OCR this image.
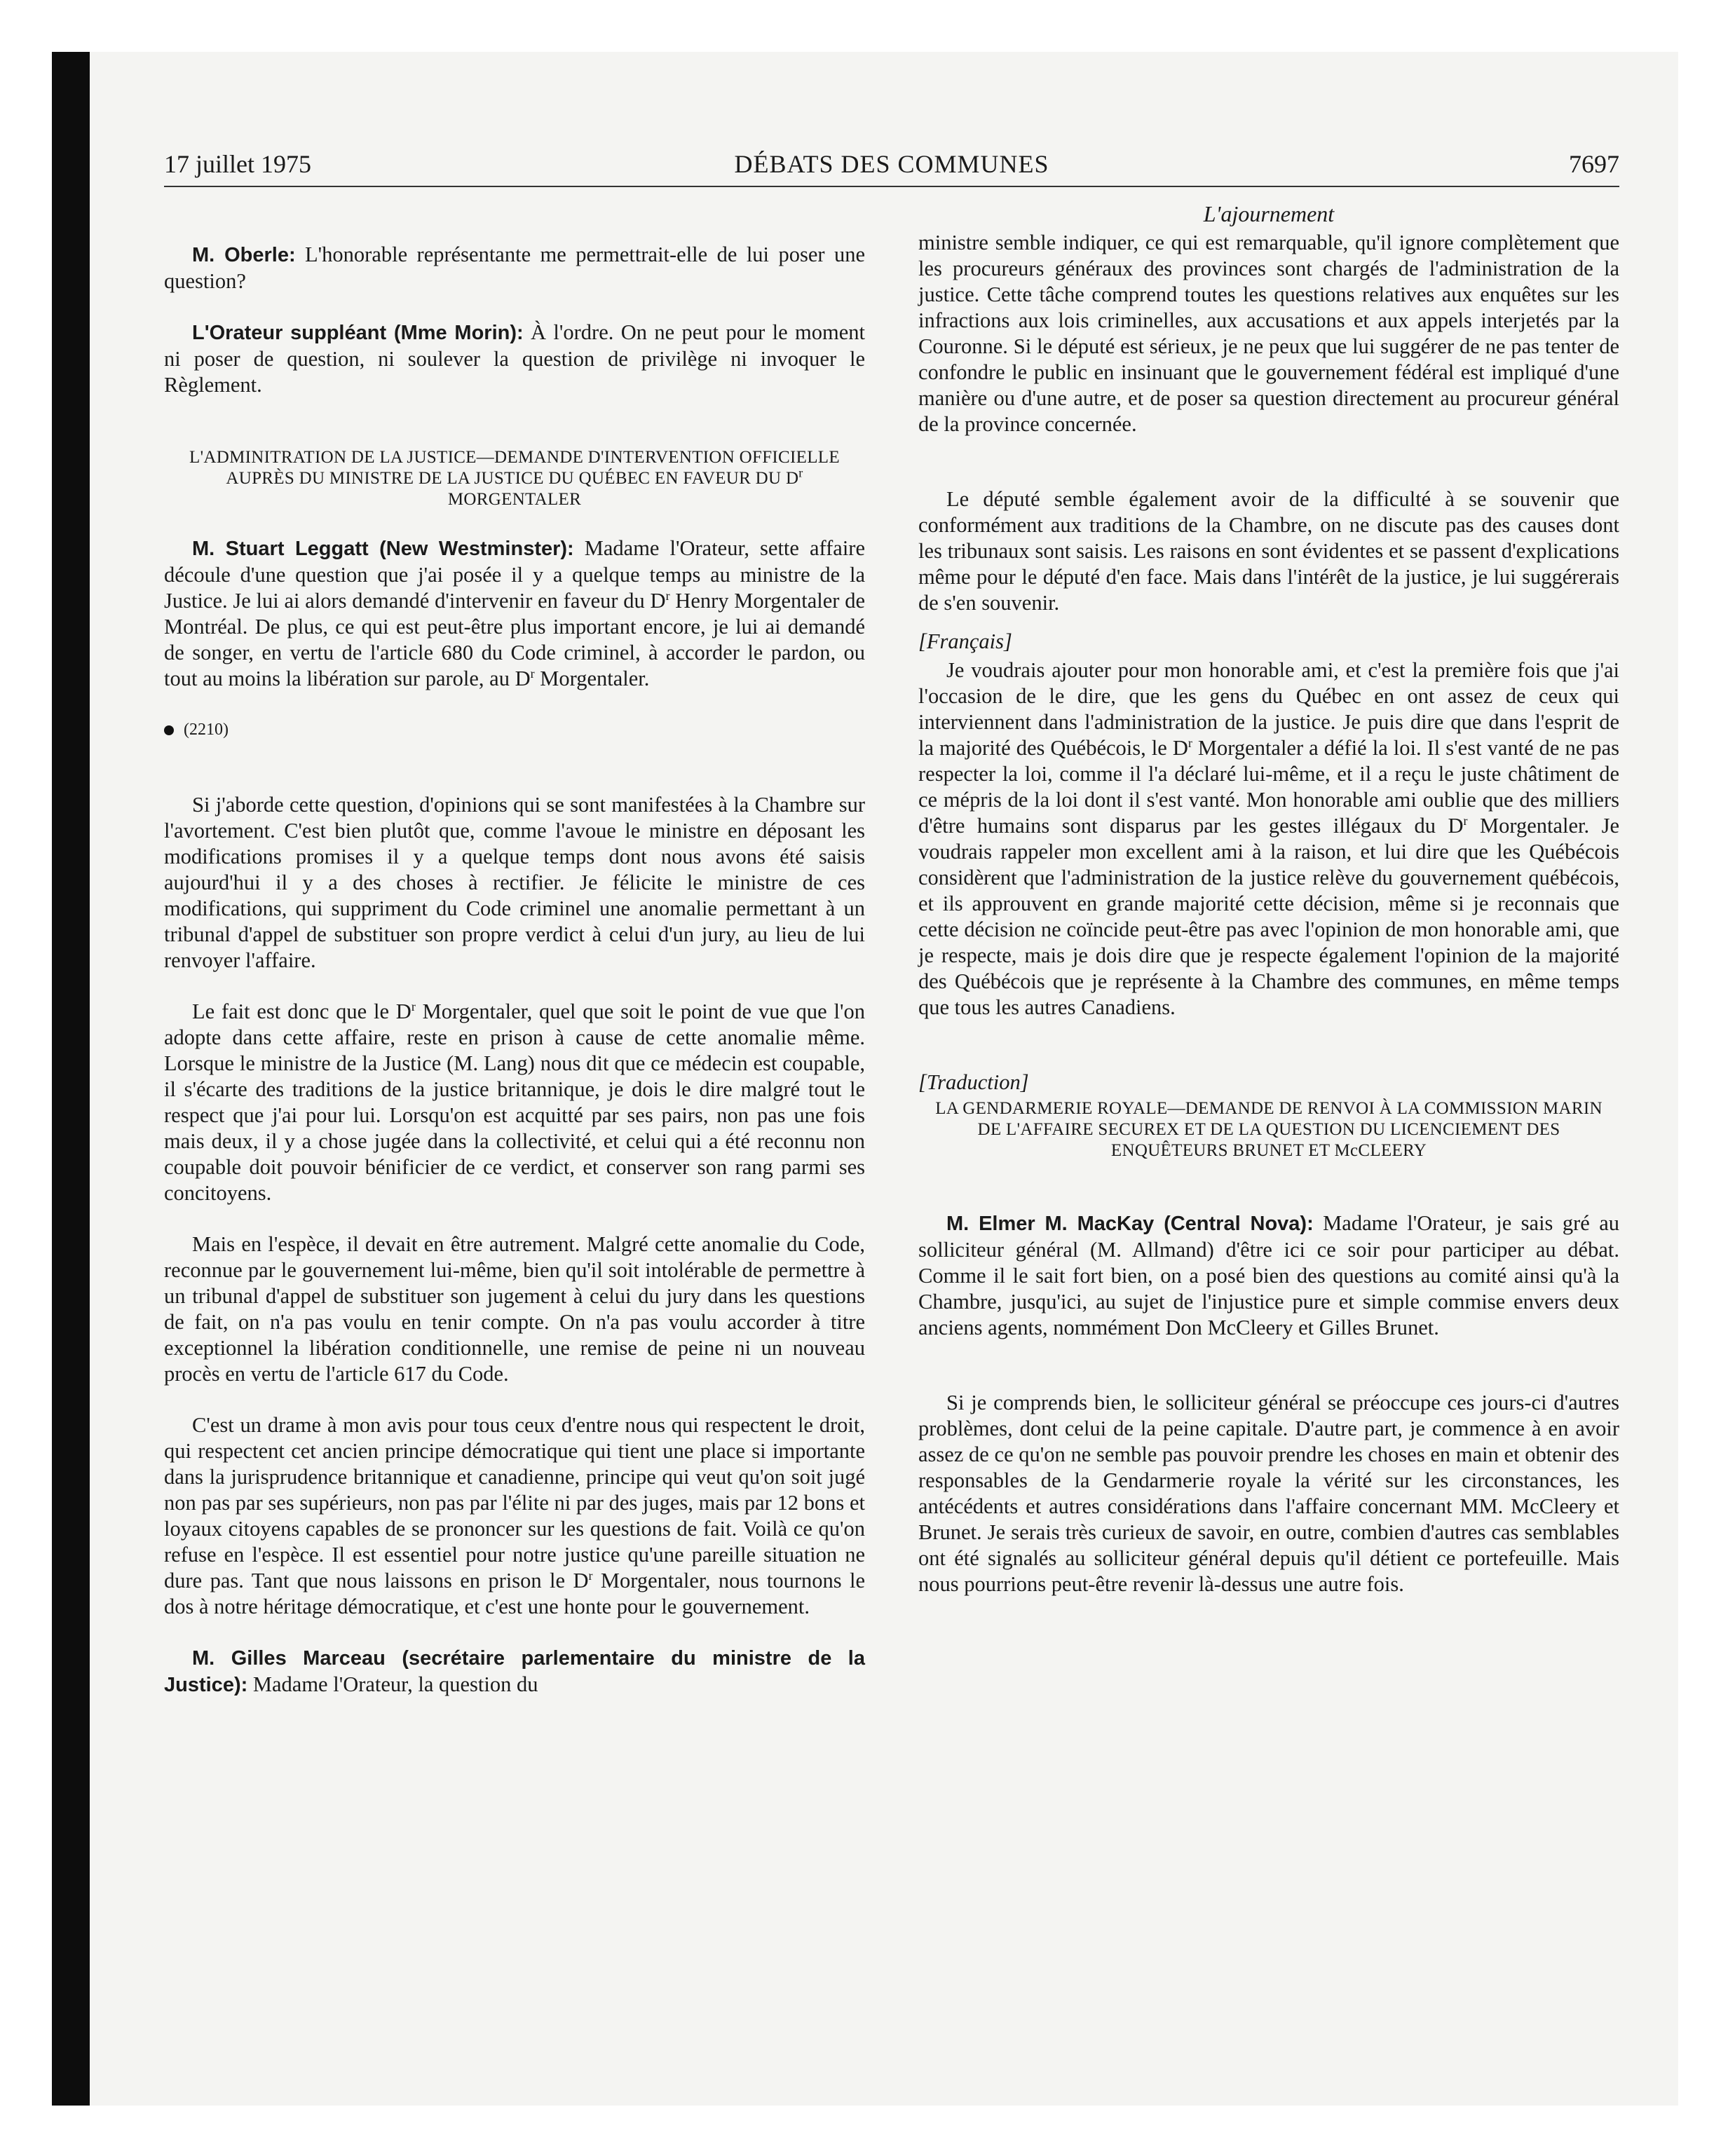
17 juillet 1975	DÉBATS DES COMMUNES	7697

M. Oberle: L'honorable représentante me permettrait-elle de lui poser une question?

L'Orateur suppléant (Mme Morin): À l'ordre. On ne peut pour le moment ni poser de question, ni soulever la question de privilège ni invoquer le Règlement.

L'ADMINITRATION DE LA JUSTICE—DEMANDE D'INTERVENTION OFFICIELLE AUPRÈS DU MINISTRE DE LA JUSTICE DU QUÉBEC EN FAVEUR DU $D^r$ MORGENTALER

M. Stuart Leggatt (New Westminster): Madame l'Orateur, sette affaire découle d'une question que j'ai posée il y a quelque temps au ministre de la Justice. Je lui ai alors demandé d'intervenir en faveur du $D^r$ Henry Morgentaler de Montréal. De plus, ce qui est peut-être plus important encore, je lui ai demandé de songer, en vertu de l'article 680 du Code criminel, à accorder le pardon, ou tout au moins la libération sur parole, au $D^r$ Morgentaler.

(2210)

Si j'aborde cette question, d'opinions qui se sont manifestées à la Chambre sur l'avortement. C'est bien plutôt que, comme l'avoue le ministre en déposant les modifications promises il y a quelque temps dont nous avons été saisis aujourd'hui il y a des choses à rectifier. Je félicite le ministre de ces modifications, qui suppriment du Code criminel une anomalie permettant à un tribunal d'appel de substituer son propre verdict à celui d'un jury, au lieu de lui renvoyer l'affaire.

Le fait est donc que le $D^r$ Morgentaler, quel que soit le point de vue que l'on adopte dans cette affaire, reste en prison à cause de cette anomalie même. Lorsque le ministre de la Justice (M. Lang) nous dit que ce médecin est coupable, il s'écarte des traditions de la justice britannique, je dois le dire malgré tout le respect que j'ai pour lui. Lorsqu'on est acquitté par ses pairs, non pas une fois mais deux, il y a chose jugée dans la collectivité, et celui qui a été reconnu non coupable doit pouvoir bénificier de ce verdict, et conserver son rang parmi ses concitoyens.

Mais en l'espèce, il devait en être autrement. Malgré cette anomalie du Code, reconnue par le gouvernement lui-même, bien qu'il soit intolérable de permettre à un tribunal d'appel de substituer son jugement à celui du jury dans les questions de fait, on n'a pas voulu en tenir compte. On n'a pas voulu accorder à titre exceptionnel la libération conditionnelle, une remise de peine ni un nouveau procès en vertu de l'article 617 du Code.

C'est un drame à mon avis pour tous ceux d'entre nous qui respectent le droit, qui respectent cet ancien principe démocratique qui tient une place si importante dans la jurisprudence britannique et canadienne, principe qui veut qu'on soit jugé non pas par ses supérieurs, non pas par l'élite ni par des juges, mais par 12 bons et loyaux citoyens capables de se prononcer sur les questions de fait. Voilà ce qu'on refuse en l'espèce. Il est essentiel pour notre justice qu'une pareille situation ne dure pas. Tant que nous laissons en prison le $D^r$ Morgentaler, nous tournons le dos à notre héritage démocratique, et c'est une honte pour le gouvernement.

M. Gilles Marceau (secrétaire parlementaire du ministre de la Justice): Madame l'Orateur, la question du

L'ajournement

ministre semble indiquer, ce qui est remarquable, qu'il ignore complètement que les procureurs généraux des provinces sont chargés de l'administration de la justice. Cette tâche comprend toutes les questions relatives aux enquêtes sur les infractions aux lois criminelles, aux accusations et aux appels interjetés par la Couronne. Si le député est sérieux, je ne peux que lui suggérer de ne pas tenter de confondre le public en insinuant que le gouvernement fédéral est impliqué d'une manière ou d'une autre, et de poser sa question directement au procureur général de la province concernée.

Le député semble également avoir de la difficulté à se souvenir que conformément aux traditions de la Chambre, on ne discute pas des causes dont les tribunaux sont saisis. Les raisons en sont évidentes et se passent d'explications même pour le député d'en face. Mais dans l'intérêt de la justice, je lui suggérerais de s'en souvenir.

[Français]

Je voudrais ajouter pour mon honorable ami, et c'est la première fois que j'ai l'occasion de le dire, que les gens du Québec en ont assez de ceux qui interviennent dans l'administration de la justice. Je puis dire que dans l'esprit de la majorité des Québécois, le $D^r$ Morgentaler a défié la loi. Il s'est vanté de ne pas respecter la loi, comme il l'a déclaré lui-même, et il a reçu le juste châtiment de ce mépris de la loi dont il s'est vanté. Mon honorable ami oublie que des milliers d'être humains sont disparus par les gestes illégaux du $D^r$ Morgentaler. Je voudrais rappeler mon excellent ami à la raison, et lui dire que les Québécois considèrent que l'administration de la justice relève du gouvernement québécois, et ils approuvent en grande majorité cette décision, même si je reconnais que cette décision ne coïncide peut-être pas avec l'opinion de mon honorable ami, que je respecte, mais je dois dire que je respecte également l'opinion de la majorité des Québécois que je représente à la Chambre des communes, en même temps que tous les autres Canadiens.

[Traduction]

LA GENDARMERIE ROYALE—DEMANDE DE RENVOI À LA COMMISSION MARIN DE L'AFFAIRE SECUREX ET DE LA QUESTION DU LICENCIEMENT DES ENQUÊTEURS BRUNET ET McCLEERY

M. Elmer M. MacKay (Central Nova): Madame l'Orateur, je sais gré au solliciteur général (M. Allmand) d'être ici ce soir pour participer au débat. Comme il le sait fort bien, on a posé bien des questions au comité ainsi qu'à la Chambre, jusqu'ici, au sujet de l'injustice pure et simple commise envers deux anciens agents, nommément Don McCleery et Gilles Brunet.

Si je comprends bien, le solliciteur général se préoccupe ces jours-ci d'autres problèmes, dont celui de la peine capitale. D'autre part, je commence à en avoir assez de ce qu'on ne semble pas pouvoir prendre les choses en main et obtenir des responsables de la Gendarmerie royale la vérité sur les circonstances, les antécédents et autres considérations dans l'affaire concernant MM. McCleery et Brunet. Je serais très curieux de savoir, en outre, combien d'autres cas semblables ont été signalés au solliciteur général depuis qu'il détient ce portefeuille. Mais nous pourrions peut-être revenir là-dessus une autre fois.
